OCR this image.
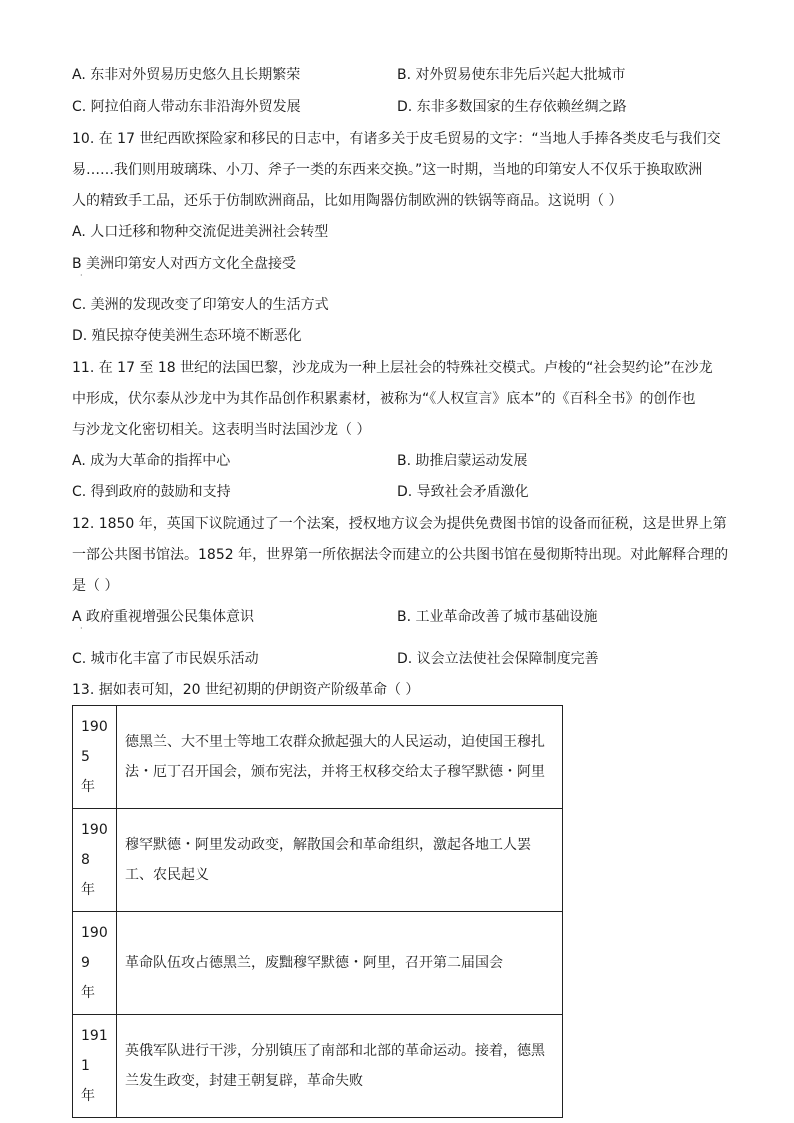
A. 东非对外贸易历史悠久且长期繁荣	B. 对外贸易使东非先后兴起大批城市
C. 阿拉伯商人带动东非沿海外贸发展	D. 东非多数国家的生存依赖丝绸之路
10. 在 17 世纪西欧探险家和移民的日志中，有诸多关于皮毛贸易的文字：“当地人手捧各类皮毛与我们交
易……我们则用玻璃珠、小刀、斧子一类的东西来交换。”这一时期，当地的印第安人不仅乐于换取欧洲
人的精致手工品，还乐于仿制欧洲商品，比如用陶器仿制欧洲的铁锅等商品。这说明（ ）
A. 人口迁移和物种交流促进美洲社会转型
B 美洲印第安人对西方文化全盘接受
·
C. 美洲的发现改变了印第安人的生活方式
D. 殖民掠夺使美洲生态环境不断恶化
11. 在 17 至 18 世纪的法国巴黎，沙龙成为一种上层社会的特殊社交模式。卢梭的“社会契约论”在沙龙
中形成，伏尔泰从沙龙中为其作品创作积累素材，被称为“《人权宣言》底本”的《百科全书》的创作也
与沙龙文化密切相关。这表明当时法国沙龙（ ）
A. 成为大革命的指挥中心	B. 助推启蒙运动发展
C. 得到政府的鼓励和支持	D. 导致社会矛盾激化
12. 1850 年，英国下议院通过了一个法案，授权地方议会为提供免费图书馆的设备而征税，这是世界上第
一部公共图书馆法。1852 年，世界第一所依据法令而建立的公共图书馆在曼彻斯特出现。对此解释合理的
是（ ）
A 政府重视增强公民集体意识	B. 工业革命改善了城市基础设施
·
C. 城市化丰富了市民娱乐活动	D. 议会立法使社会保障制度完善
13. 据如表可知，20 世纪初期的伊朗资产阶级革命（ ）
1905 年	德黑兰、大不里士等地工农群众掀起强大的人民运动，迫使国王穆扎法・厄丁召开国会，颁布宪法，并将王权移交给太子穆罕默德・阿里
1908 年	穆罕默德・阿里发动政变，解散国会和革命组织，激起各地工人罢工、农民起义
1909 年	革命队伍攻占德黑兰，废黜穆罕默德・阿里，召开第二届国会
1911 年	英俄军队进行干涉，分别镇压了南部和北部的革命运动。接着，德黑兰发生政变，封建王朝复辟，革命失败
